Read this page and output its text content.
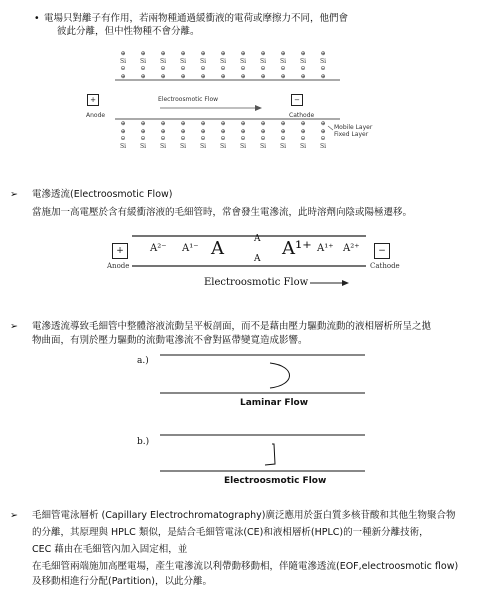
• 電場只對離子有作用，若兩物種通過緩衝液的電荷或摩擦力不同，他們會
彼此分離，但中性物種不會分離。
⊕
Si
⊝
⊕
⊕
Si
⊝
⊕
⊕
Si
⊝
⊕
⊕
Si
⊝
⊕
⊕
Si
⊝
⊕
⊕
Si
⊝
⊕
⊕
Si
⊝
⊕
⊕
Si
⊝
⊕
⊕
Si
⊝
⊕
⊕
Si
⊝
⊕
⊕
Si
⊝
⊕
⊕
⊕
⊝
Si
⊕
⊕
⊝
Si
⊕
⊕
⊝
Si
⊕
⊕
⊝
Si
⊕
⊕
⊝
Si
⊕
⊕
⊝
Si
⊕
⊕
⊝
Si
⊕
⊕
⊝
Si
⊕
⊕
⊝
Si
⊕
⊕
⊝
Si
⊕
⊕
⊝
Si
+
Anode
−
Cathode
Electroosmotic Flow
Mobile Layer
Fixed Layer
➢ 電滲透流(Electroosmotic Flow)
當施加一高電壓於含有緩衝溶液的毛細管時，常會發生電滲流，此時溶劑向陰或陽極遷移。
+
Anode
−
Cathode
A²⁻ A¹⁻ A	A
A A¹⁺ A¹⁺ A²⁺
Electroosmotic Flow
➢ 電滲透流導致毛細管中整體溶液流動呈平板剖面，而不是藉由壓力驅動流動的液相層析所呈之拋
物曲面，有別於壓力驅動的流動電滲流不會對區帶變寬造成影響。
a.)
Laminar Flow
b.)
Electroosmotic Flow
➢ 毛細管電泳層析 (Capillary Electrochromatography)廣泛應用於蛋白質多核苷酸和其他生物聚合物
的分離，其原理與 HPLC 類似，是結合毛細管電泳(CE)和液相層析(HPLC)的一種新分離技術，
CEC 藉由在毛細管內加入固定相，並
在毛細管兩端施加高壓電場，產生電滲流以利帶動移動相，伴隨電滲透流(EOF,electroosmotic flow)
及移動相進行分配(Partition)，以此分離。
